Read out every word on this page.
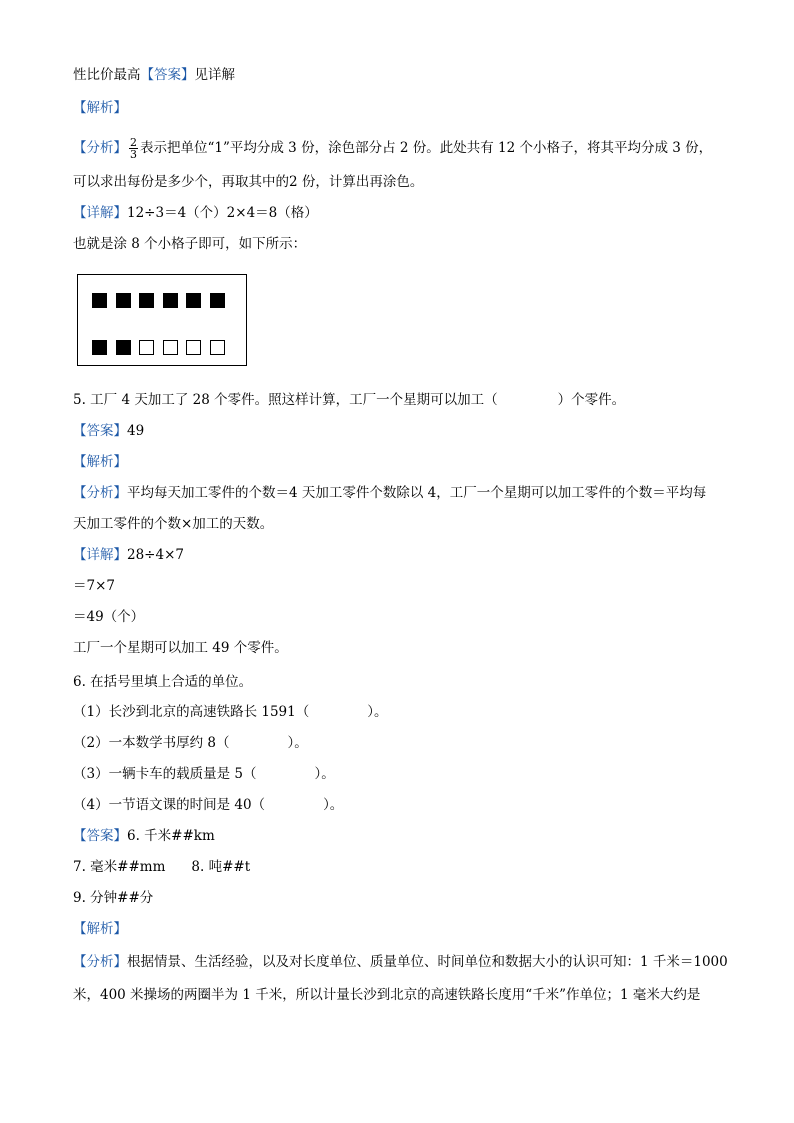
性比价最高【答案】见详解
【解析】
【分析】 $\frac{2}{3}$ 表示把单位“1”平均分成 3 份，涂色部分占 2 份。此处共有 12 个小格子，将其平均分成 3 份，
可以求出每份是多少个，再取其中的2 份，计算出再涂色。
【详解】12÷3＝4（个）2×4＝8（格）
也就是涂 8 个小格子即可，如下所示：
5. 工厂 4 天加工了 28 个零件。照这样计算，工厂一个星期可以加工（	）个零件。
【答案】49
【解析】
【分析】平均每天加工零件的个数＝4 天加工零件个数除以 4，工厂一个星期可以加工零件的个数＝平均每
天加工零件的个数×加工的天数。
【详解】28÷4×7
＝7×7
＝49（个）
工厂一个星期可以加工 49 个零件。
6. 在括号里填上合适的单位。
（1）长沙到北京的高速铁路长 1591（	）。
（2）一本数学书厚约 8（	）。
（3）一辆卡车的载质量是 5（	）。
（4）一节语文课的时间是 40（	）。
【答案】6. 千米##km
7. 毫米##mm 8. 吨##t
9. 分钟##分
【解析】
【分析】根据情景、生活经验，以及对长度单位、质量单位、时间单位和数据大小的认识可知：1 千米＝1000
米，400 米操场的两圈半为 1 千米，所以计量长沙到北京的高速铁路长度用“千米”作单位；1 毫米大约是
